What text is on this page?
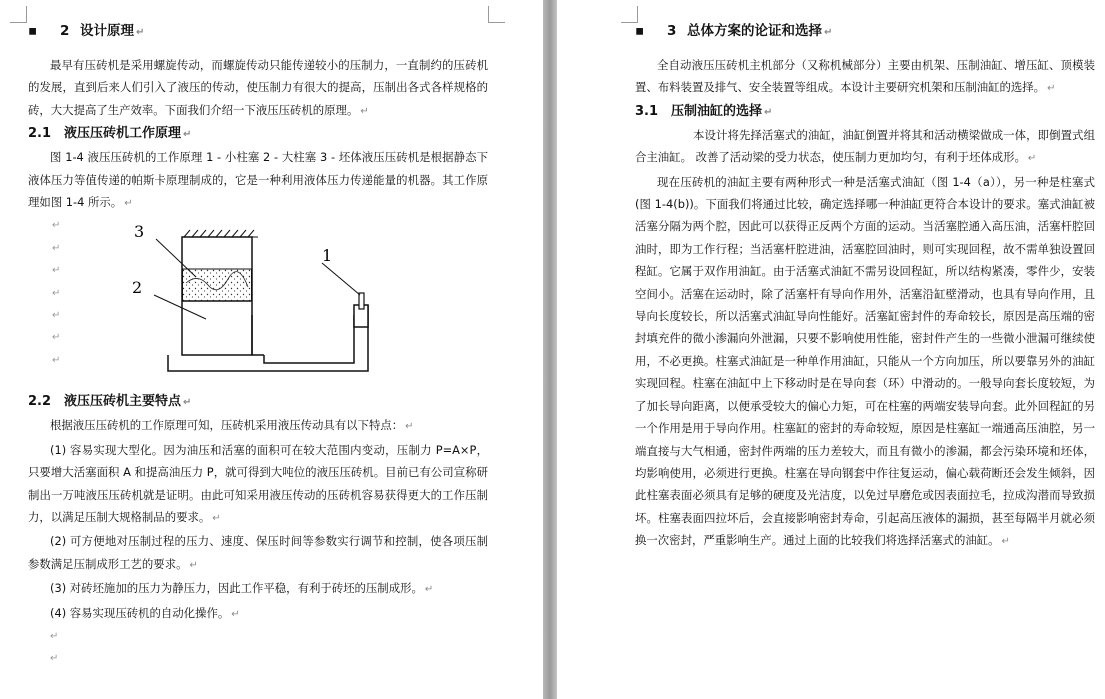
▪ 2 设计原理 ↵

最早有压砖机是采用螺旋传动，而螺旋传动只能传递较小的压制力，一直制约的压砖机的发展，直到后来人们引入了液压的传动，使压制力有很大的提高，压制出各式各样规格的砖，大大提高了生产效率。下面我们介绍一下液压压砖机的原理。 ↵

2.1 液压压砖机工作原理 ↵

图 1-4 液压压砖机的工作原理 1 - 小柱塞 2 - 大柱塞 3 - 坯体液压压砖机是根据静态下液体压力等值传递的帕斯卡原理制成的，它是一种利用液体压力传递能量的机器。其工作原理如图 1-4 所示。 ↵

↵
↵
↵
↵
↵
↵
↵
3
2
1
2.2 液压压砖机主要特点 ↵

根据液压压砖机的工作原理可知，压砖机采用液压传动具有以下特点： ↵

(1) 容易实现大型化。因为油压和活塞的面积可在较大范围内变动，压制力 P=A×P，只要增大活塞面积 A 和提高油压力 P，就可得到大吨位的液压压砖机。目前已有公司宣称研制出一万吨液压压砖机就是证明。由此可知采用液压传动的压砖机容易获得更大的工作压制力，以满足压制大规格制品的要求。 ↵

(2) 可方便地对压制过程的压力、速度、保压时间等参数实行调节和控制，使各项压制参数满足压制成形工艺的要求。 ↵

(3) 对砖坯施加的压力为静压力，因此工作平稳，有利于砖坯的压制成形。 ↵

(4) 容易实现压砖机的自动化操作。 ↵

↵
↵
▪ 3 总体方案的论证和选择 ↵

全自动液压压砖机主机部分（又称机械部分）主要由机架、压制油缸、增压缸、顶模装置、布料装置及排气、安全装置等组成。本设计主要研究机架和压制油缸的选择。 ↵

3.1 压制油缸的选择 ↵

本设计将先择活塞式的油缸，油缸倒置并将其和活动横梁做成一体，即倒置式组合主油缸。 改善了活动梁的受力状态，使压制力更加均匀，有利于坯体成形。 ↵

现在压砖机的油缸主要有两种形式一种是活塞式油缸（图 1-4（a）），另一种是柱塞式(图 1-4(b))。下面我们将通过比较，确定选择哪一种油缸更符合本设计的要求。塞式油缸被活塞分隔为两个腔，因此可以获得正反两个方面的运动。当活塞腔通入高压油，活塞杆腔回油时，即为工作行程；当活塞杆腔进油，活塞腔回油时，则可实现回程，故不需单独设置回程缸。它属于双作用油缸。由于活塞式油缸不需另设回程缸，所以结构紧凑，零件少，安装空间小。活塞在运动时，除了活塞杆有导向作用外，活塞沿缸壁滑动，也具有导向作用，且导向长度较长，所以活塞式油缸导向性能好。活塞缸密封件的寿命较长，原因是高压端的密封填充件的微小渗漏向外泄漏，只要不影响使用性能，密封件产生的一些微小泄漏可继续使用，不必更换。柱塞式油缸是一种单作用油缸，只能从一个方向加压，所以要靠另外的油缸实现回程。柱塞在油缸中上下移动时是在导向套（环）中滑动的。一般导向套长度较短，为了加长导向距离，以便承受较大的偏心力矩，可在柱塞的两端安装导向套。此外回程缸的另一个作用是用于导向作用。柱塞缸的密封的寿命较短，原因是柱塞缸一端通高压油腔，另一端直接与大气相通，密封件两端的压力差较大，而且有微小的渗漏，都会污染环境和坯体，均影响使用，必须进行更换。柱塞在导向钢套中作往复运动，偏心载荷断还会发生倾斜，因此柱塞表面必须具有足够的硬度及光洁度，以免过早磨危或因表面拉毛，拉成沟潜而导致损坏。柱塞表面四拉坏后，会直接影响密封寿命，引起高压液体的漏损，甚至每隔半月就必须换一次密封，严重影响生产。通过上面的比较我们将选择活塞式的油缸。 ↵
